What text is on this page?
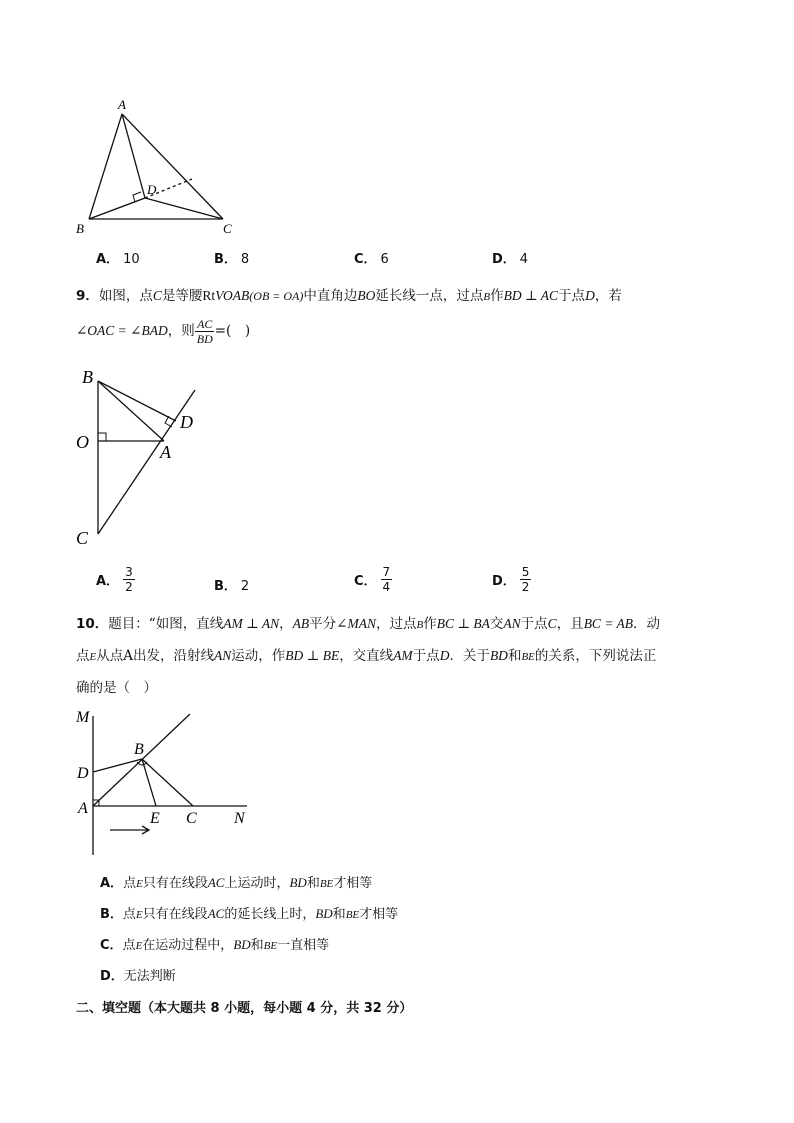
A
D
B	C
A． 10	B． 8	C． 6	D． 4
9．如图，点C是等腰RtVOAB(OB = OA)中直角边BO延长线一点，过点B作BD ⊥ AC于点D，若
∠OAC = ∠BAD，则 $\frac{AC}{BD}$ =(　)
B
D
O	A
C
A． $\frac{3}{2}$	B． 2	C． $\frac{7}{4}$	D． $\frac{5}{2}$
10．题目：“如图，直线AM ⊥ AN，AB平分∠MAN，过点B作BC ⊥ BA交AN于点C，且BC = AB．动
点E从点A出发，沿射线AN运动，作BD ⊥ BE，交直线AM于点D．关于BD和BE的关系，下列说法正
确的是（　）
M
B
D
A
E C N
A．点E只有在线段AC上运动时，BD和BE才相等
B．点E只有在线段AC的延长线上时，BD和BE才相等
C．点E在运动过程中，BD和BE一直相等
D．无法判断
二、填空题（本大题共 8 小题，每小题 4 分，共 32 分）
